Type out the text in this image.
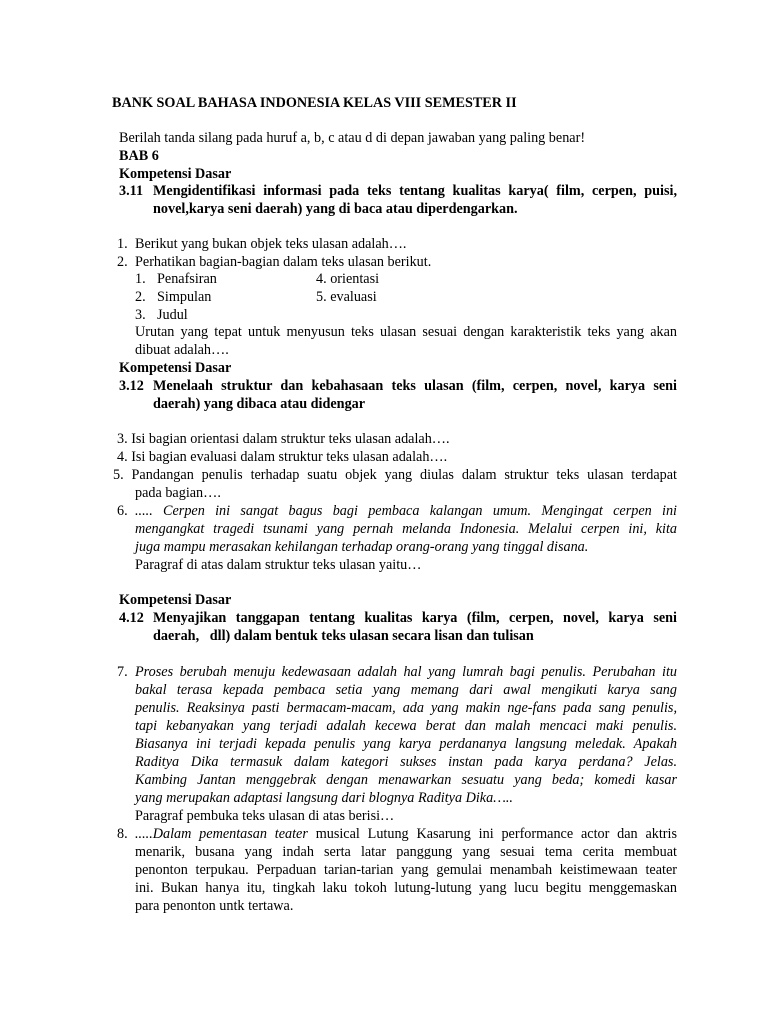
BANK SOAL BAHASA INDONESIA KELAS VIII SEMESTER II
Berilah tanda silang pada huruf a, b, c atau d di depan jawaban yang paling benar!
BAB 6
Kompetensi Dasar
3.11 Mengidentifikasi informasi pada teks tentang kualitas karya( film, cerpen, puisi,
novel,karya seni daerah) yang di baca atau diperdengarkan.
1. Berikut yang bukan objek teks ulasan adalah….
2. Perhatikan bagian-bagian dalam teks ulasan berikut.
1. Penafsiran	4. orientasi
2. Simpulan	5. evaluasi
3. Judul
Urutan yang tepat untuk menyusun teks ulasan sesuai dengan karakteristik teks yang akan
dibuat adalah….
Kompetensi Dasar
3.12 Menelaah struktur dan kebahasaan teks ulasan (film, cerpen, novel, karya seni
daerah) yang dibaca atau didengar
3. Isi bagian orientasi dalam struktur teks ulasan adalah….
4. Isi bagian evaluasi dalam struktur teks ulasan adalah….
5. Pandangan penulis terhadap suatu objek yang diulas dalam struktur teks ulasan terdapat
pada bagian….
6. ..... Cerpen ini sangat bagus bagi pembaca kalangan umum. Mengingat cerpen ini
mengangkat tragedi tsunami yang pernah melanda Indonesia. Melalui cerpen ini, kita
juga mampu merasakan kehilangan terhadap orang-orang yang tinggal disana.
Paragraf di atas dalam struktur teks ulasan yaitu…
Kompetensi Dasar
4.12 Menyajikan tanggapan tentang kualitas karya (film, cerpen, novel, karya seni
daerah,   dll) dalam bentuk teks ulasan secara lisan dan tulisan
7. Proses berubah menuju kedewasaan adalah hal yang lumrah bagi penulis. Perubahan itu
bakal terasa kepada pembaca setia yang memang dari awal mengikuti karya sang
penulis. Reaksinya pasti bermacam-macam, ada yang makin nge-fans pada sang penulis,
tapi kebanyakan yang terjadi adalah kecewa berat dan malah mencaci maki penulis.
Biasanya ini terjadi kepada penulis yang karya perdananya langsung meledak. Apakah
Raditya Dika termasuk dalam kategori sukses instan pada karya perdana? Jelas.
Kambing Jantan menggebrak dengan menawarkan sesuatu yang beda; komedi kasar
yang merupakan adaptasi langsung dari blognya Raditya Dika…..
Paragraf pembuka teks ulasan di atas berisi…
8. .....Dalam pementasan teater musical Lutung Kasarung ini performance actor dan aktris
menarik, busana yang indah serta latar panggung yang sesuai tema cerita membuat
penonton terpukau. Perpaduan tarian-tarian yang gemulai menambah keistimewaan teater
ini. Bukan hanya itu, tingkah laku tokoh lutung-lutung yang lucu begitu menggemaskan
para penonton untk tertawa.
